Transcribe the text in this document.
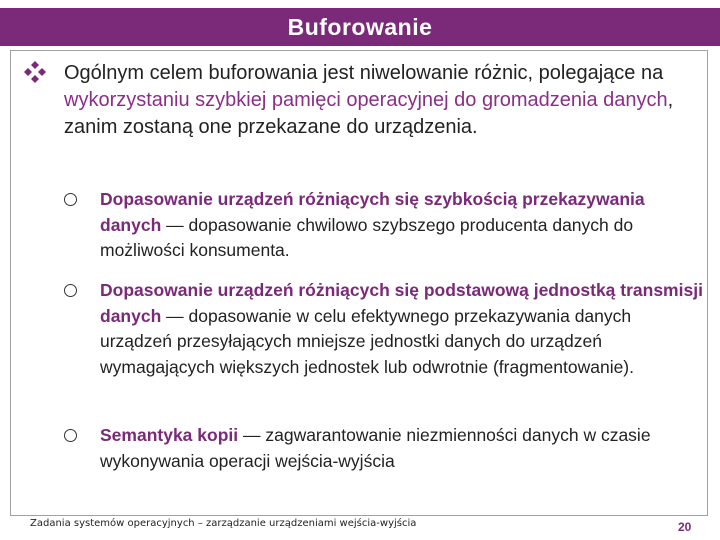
Buforowanie
Ogólnym celem buforowania jest niwelowanie różnic, polegające na wykorzystaniu szybkiej pamięci operacyjnej do gromadzenia danych, zanim zostaną one przekazane do urządzenia.
Dopasowanie urządzeń różniących się szybkością przekazywania danych — dopasowanie chwilowo szybszego producenta danych do możliwości konsumenta.
Dopasowanie urządzeń różniących się podstawową jednostką transmisji danych — dopasowanie w celu efektywnego przekazywania danych urządzeń przesyłających mniejsze jednostki danych do urządzeń wymagających większych jednostek lub odwrotnie (fragmentowanie).
Semantyka kopii — zagwarantowanie niezmienności danych w czasie wykonywania operacji wejścia-wyjścia
Zadania systemów operacyjnych – zarządzanie urządzeniami wejścia-wyjścia	20
